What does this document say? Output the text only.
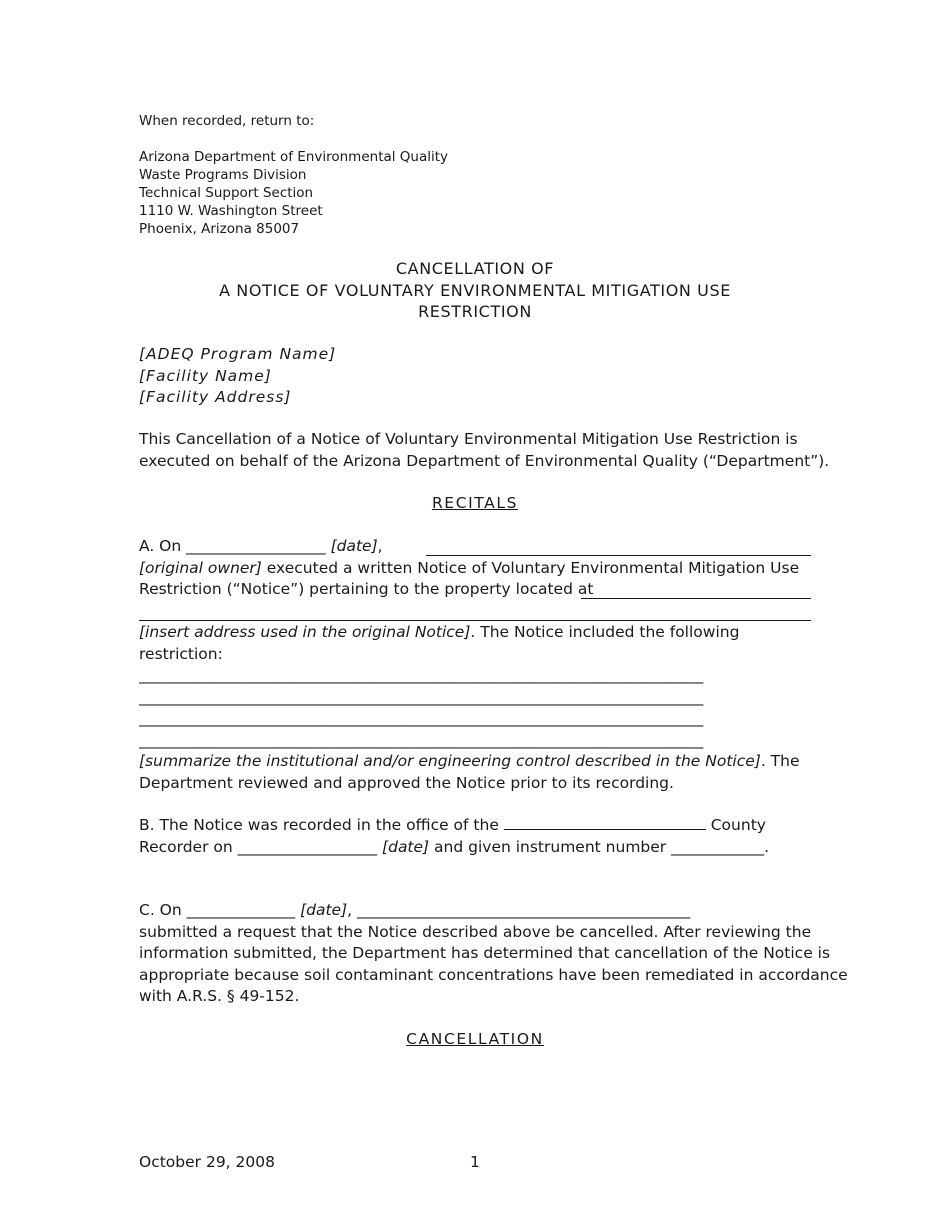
When recorded, return to:
Arizona Department of Environmental Quality
Waste Programs Division
Technical Support Section
1110 W. Washington Street
Phoenix, Arizona 85007
CANCELLATION OF
A NOTICE OF VOLUNTARY ENVIRONMENTAL MITIGATION USE
RESTRICTION
[ADEQ Program Name]
[Facility Name]
[Facility Address]
This Cancellation of a Notice of Voluntary Environmental Mitigation Use Restriction is
executed on behalf of the Arizona Department of Environmental Quality (“Department”).
RECITALS
A. On __________________ [date],
[original owner] executed a written Notice of Voluntary Environmental Mitigation Use
Restriction (“Notice”) pertaining to the property located at
[insert address used in the original Notice]. The Notice included the following
restriction:
_______________________________________________________________________
_______________________________________________________________________
_______________________________________________________________________
_______________________________________________________________________
[summarize the institutional and/or engineering control described in the Notice]. The
Department reviewed and approved the Notice prior to its recording.
B. The Notice was recorded in the office of the	County
Recorder on __________________ [date] and given instrument number ____________.
C. On ______________ [date], ___________________________________________
submitted a request that the Notice described above be cancelled. After reviewing the
information submitted, the Department has determined that cancellation of the Notice is
appropriate because soil contaminant concentrations have been remediated in accordance
with A.R.S. § 49-152.
CANCELLATION
October 29, 2008	1
